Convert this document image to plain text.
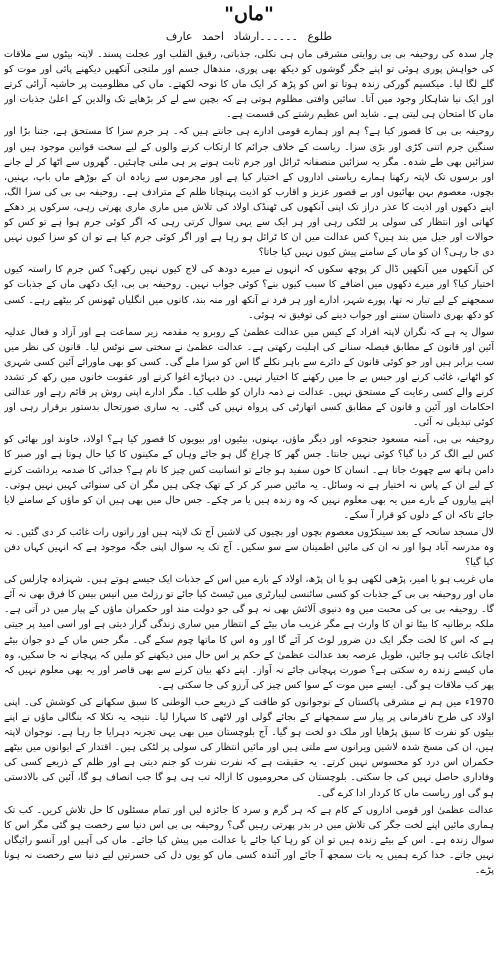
"ماں"
طلوع ۔۔۔۔۔۔ارشاد احمد عارف

چار سدہ کی روحیفہ بی بی روایتی مشرقی ماں ہی نکلی، جذباتی، رقیق القلب اور عجلت پسند۔ لاپتہ بیٹوں سے ملاقات کی خواہش پوری ہوئی تو اپنے جگر گوشوں کو دیکھ بھی پوری، مندھال جسم اور ملتجی آنکھیں دیکھنے پائی اور موت کو گلے لگا لیا۔ میکسیم گورکی زندہ ہوتا تو اس کو پڑھ کر ایک ماں کا نوحہ لکھتے۔ ماں کی مظلومیت پر حاشیہ آرائی کرتے اور ایک نیا شاہکار وجود میں آتا۔ سائیں وافتی مظلوم ہوتی ہے کہ بچپن سے لے کر بڑھاپے تک والدین کے اعلیٰ جذبات اور ماں کا امتحان ہی لیتی ہے۔ شاید اس عظیم رشتے کی قسمت ہے۔

روحیفہ بی بی کا قصور کیا ہے؟ ہم اور ہمارے قومی ادارے ہی جانتے ہیں کہ۔ ہر جرم سزا کا مستحق ہے، جتنا بڑا اور سنگین جرم اتنی کڑی اور بڑی سزا۔ ریاست کے خلاف جرائم کا ارتکاب کرنے والوں کے لیے سخت قوانین موجود ہیں اور سزائیں بھی طے شدہ۔ مگر یہ سزائیں منصفانہ ٹرائل اور جرم ثابت ہونے پر ہی ملنی چاہئیں۔ گھروں سے اٹھا کر لے جانے اور برسوں تک لاپتہ رکھنا ہمارے ریاستی اداروں کے اختیار کیا ہے اور مجرموں سے زیادہ ان کے بوڑھے ماں باپ، بہنیں، بچوں، معصوم بہن بھائیوں اور بے قصور عزیز و اقارب کو اذیت پہنچانا ظلم کے مترادف ہے۔ روحیفہ بی بی کی سزا الگ، اپنے دکھوں اور اذیت کا عذر دراز تک اپنی آنکھوں کی ٹھنڈک اولاد کی تلاش میں ماری ماری پھرتی رہی، سرکوں پر دھکے کھاتی اور انتظار کی سولی پر لٹکی رہی اور ہر ایک سے یہی سوال کرتی رہی کہ اگر کوئی جرم ہوا ہے تو کس کو حوالات اور جیل میں بند ہیں؟ کس عدالت میں ان کا ٹرائل ہو رہا ہے اور اگر کوئی جرم کیا ہے تو ان کو سزا کیوں نہیں دی جا رہی؟ ان کو ماں کے سامنے پیش کیوں نہیں کیا جاتا؟

کن آنکھوں میں آنکھیں ڈال کر پوچھ سکوں کہ انہوں نے میرے دودھ کی لاج کیوں نہیں رکھی؟ کس جرم کا راستہ کیوں اختیار کیا؟ اور میرے دکھوں میں اضافے کا سبب کیوں بنے؟ کوئی جواب نہیں۔ روحیفہ بی بی، ایک دکھی ماں کے جذبات کو سمجھنے کے لیے تیار نہ تھا، پورے شہر، ادارے اور ہر فرد نے آنکھ اور منہ بند، کانوں میں انگلیاں ٹھونس کر بیٹھے رہے۔ کسی کو دکھ بھری داستان سننے اور جواب دینے کی توفیق نہ ہوئی۔

سوال یہ ہے کہ نگران لاپتہ افراد کے کیس میں عدالت عظمیٰ کے روبرو یہ مقدمہ زیر سماعت ہے اور آزاد و فعال عدلیہ آئین اور قانون کے مطابق فیصلہ سنانے کی اہلیت رکھتی ہے۔ عدالت عظمیٰ نے سختی سے نوٹس لیا۔ قانون کی نظر میں سب برابر ہیں اور جو کوئی قانون کے دائرے سے باہر نکلے گا اس کو سزا ملے گی۔ کسی کو بھی ماورائے آئین کسی شہری کو اٹھانے، غائب کرنے اور حبس بے جا میں رکھنے کا اختیار نہیں۔ دن دیہاڑے اغوا کرنے اور عقوبت خانوں میں رکھ کر تشدد کرنے والے کسی رعایت کے مستحق نہیں۔ عدالت نے ذمہ داران کو طلب کیا۔ مگر ادارے اپنی روش پر قائم رہے اور عدالتی احکامات اور آئین و قانون کے مطابق کسی اتھارٹی کی پرواہ نہیں کی گئی۔ یہ ساری صورتحال بدستور برقرار رہی اور کوئی تبدیلی نہ آئی۔

روحیفہ بی بی، آمنہ مسعود جنجوعہ اور دیگر ماؤں، بہنوں، بیٹیوں اور بیویوں کا قصور کیا ہے؟ اولاد، خاوند اور بھائی کو کس لیے الگ کر دیا گیا؟ کوئی نہیں جانتا۔ جس گھر کا چراغ گل ہو جائے وہاں کے مکینوں کا کیا حال ہوتا ہے اور صبر کا دامن ہاتھ سے چھوٹ جاتا ہے۔ انسان کا خون سفید ہو جائے تو انسانیت کس چیز کا نام ہے؟ جدائی کا صدمہ برداشت کرنے کے لیے ان کے پاس نہ اختیار ہے نہ وسائل۔ یہ مائیں صبر کر کر کے تھک چکی ہیں مگر ان کی سنوائی کہیں نہیں ہوتی۔ اپنے پیاروں کے بارے میں یہ بھی معلوم نہیں کہ وہ زندہ ہیں یا مر چکے۔ جس حال میں بھی ہیں ان کو ماؤں کے سامنے لایا جائے تاکہ ان کے دلوں کو قرار آ سکے۔

لال مسجد سانحہ کے بعد سینکڑوں معصوم بچوں اور بچیوں کی لاشیں آج تک لاپتہ ہیں اور راتوں رات غائب کر دی گئیں۔ نہ وہ مدرسہ آباد ہوا اور نہ ان کی مائیں اطمینان سے سو سکیں۔ آج تک یہ سوال اپنی جگہ موجود ہے کہ انہیں کہاں دفن کیا گیا؟

ماں غریب ہو یا امیر، پڑھی لکھی ہو یا ان پڑھ، اولاد کے بارے میں اس کے جذبات ایک جیسے ہوتے ہیں۔ شہزادہ چارلس کی ماں اور روحیفہ بی بی کے جذبات کو کسی سائنسی لیبارٹری میں ٹیسٹ کیا جائے تو رزلٹ میں انیس بیس کا فرق بھی نہ آئے گا۔ روحیفہ بی بی کی محبت میں وہ دنیوی آلائش بھی نہ ہو گی جو دولت مند اور حکمران ماؤں کے پیار میں در آتی ہے۔ ملکہ برطانیہ کا بیٹا تو ان کا وارث ہے مگر غریب ماں بیٹے کے انتظار میں ساری زندگی گزار دیتی ہے اور اسی امید پر جیتی ہے کہ اس کا لخت جگر ایک دن ضرور لوٹ کر آئے گا اور وہ اس کا ماتھا چوم سکے گی۔ مگر جس ماں کے دو جوان بیٹے اچانک غائب ہو جائیں، طویل عرصہ بعد عدالت عظمیٰ کے حکم پر اس حال میں دیکھنے کو ملیں کہ پہچانے نہ جا سکیں، وہ ماں کیسے زندہ رہ سکتی ہے؟ صورت پہچانی جائے نہ آواز۔ اپنے دکھ بیان کرنے سے بھی قاصر اور یہ بھی معلوم نہیں کہ پھر کب ملاقات ہو گی۔ ایسے میں موت کے سوا کس چیز کی آرزو کی جا سکتی ہے۔

1970ء میں ہم نے مشرقی پاکستان کے نوجوانوں کو طاقت کے ذریعے حب الوطنی کا سبق سکھانے کی کوشش کی۔ اپنی اولاد کی طرح نافرمانی پر پیار سے سمجھانے کے بجائے گولی اور لاٹھی کا سہارا لیا۔ نتیجہ یہ نکلا کہ بنگالی ماؤں نے اپنے بیٹوں کو نفرت کا سبق پڑھایا اور ملک دو لخت ہو گیا۔ آج بلوچستان میں بھی یہی تجربہ دہرایا جا رہا ہے۔ نوجوان لاپتہ ہیں، ان کی مسخ شدہ لاشیں ویرانوں سے ملتی ہیں اور مائیں انتظار کی سولی پر لٹکی ہیں۔ اقتدار کے ایوانوں میں بیٹھے حکمران اس درد کو محسوس نہیں کرتے۔ یہ حقیقت ہے کہ نفرت نفرت کو جنم دیتی ہے اور ظلم کے ذریعے کسی کی وفاداری حاصل نہیں کی جا سکتی۔ بلوچستان کی محرومیوں کا ازالہ تب ہی ہو گا جب انصاف ہو گا، آئین کی بالادستی ہو گی اور ریاست ماں کا کردار ادا کرے گی۔

عدالت عظمیٰ اور قومی اداروں کے کام ہے کہ ہر گرم و سرد کا جائزہ لیں اور تمام مسئلوں کا حل تلاش کریں۔ کب تک ہماری مائیں اپنے لخت جگر کی تلاش میں در بدر پھرتی رہیں گی؟ روحیفہ بی بی اس دنیا سے رخصت ہو گئی مگر اس کا سوال زندہ ہے۔ اس کے بیٹے زندہ ہیں تو ان کو رہا کیا جائے یا عدالت میں پیش کیا جائے۔ ماں کی آہیں اور آنسو رائیگاں نہیں جاتے۔ خدا کرے ہمیں یہ بات سمجھ آ جائے اور آئندہ کسی ماں کو یوں دل کی حسرتیں لیے دنیا سے رخصت نہ ہونا پڑے۔
